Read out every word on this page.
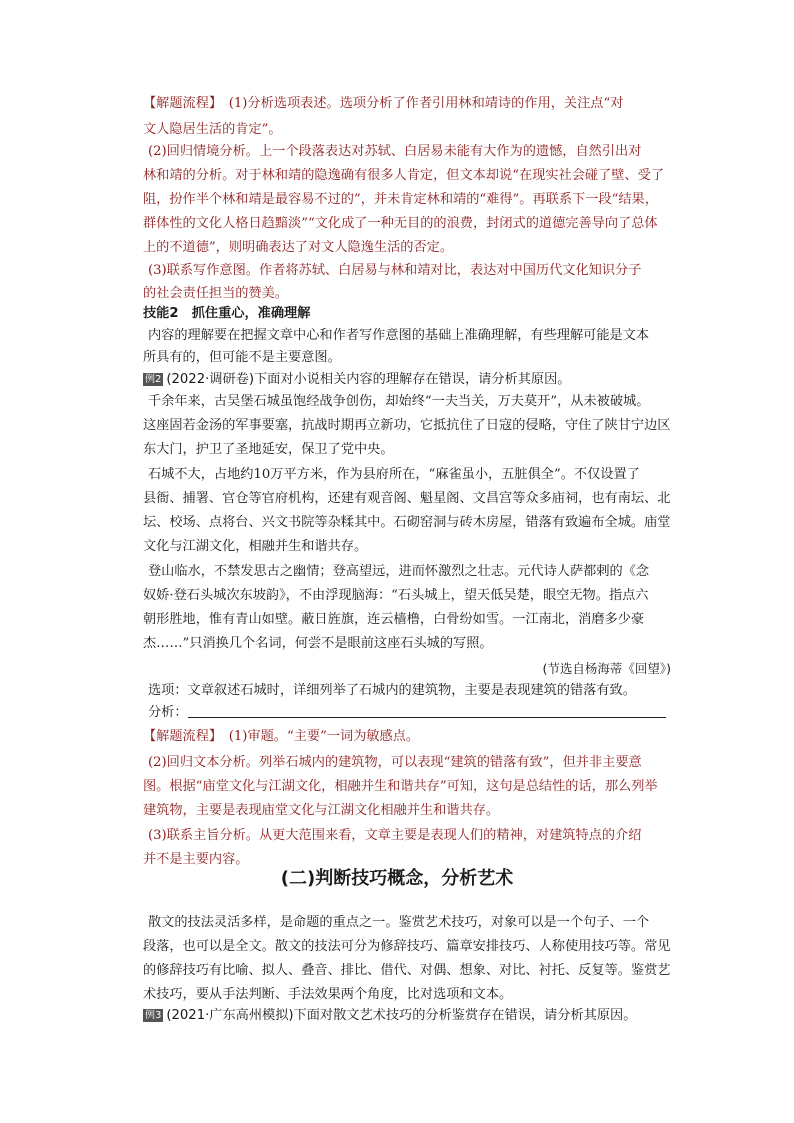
【解题流程】　(1)分析选项表述。选项分析了作者引用林和靖诗的作用，关注点“对
文人隐居生活的肯定”。
(2)回归情境分析。上一个段落表达对苏轼、白居易未能有大作为的遗憾，自然引出对
林和靖的分析。对于林和靖的隐逸确有很多人肯定，但文本却说“在现实社会碰了壁、受了
阻，扮作半个林和靖是最容易不过的”，并未肯定林和靖的“难得”。再联系下一段“结果，
群体性的文化人格日趋黯淡”“文化成了一种无目的的浪费，封闭式的道德完善导向了总体
上的不道德”，则明确表达了对文人隐逸生活的否定。
(3)联系写作意图。作者将苏轼、白居易与林和靖对比，表达对中国历代文化知识分子
的社会责任担当的赞美。
技能2　抓住重心，准确理解
内容的理解要在把握文章中心和作者写作意图的基础上准确理解，有些理解可能是文本
所具有的，但可能不是主要意图。
例2 (2022·调研卷)下面对小说相关内容的理解存在错误，请分析其原因。
千余年来，古吴堡石城虽饱经战争创伤，却始终“一夫当关，万夫莫开”，从未被破城。
这座固若金汤的军事要塞，抗战时期再立新功，它抵抗住了日寇的侵略，守住了陕甘宁边区
东大门，护卫了圣地延安，保卫了党中央。
石城不大，占地约10万平方米，作为县府所在，“麻雀虽小，五脏俱全”。不仅设置了
县衙、捕署、官仓等官府机构，还建有观音阁、魁星阁、文昌宫等众多庙祠，也有南坛、北
坛、校场、点将台、兴文书院等杂糅其中。石砌窑洞与砖木房屋，错落有致遍布全城。庙堂
文化与江湖文化，相融并生和谐共存。
登山临水，不禁发思古之幽情；登高望远，进而怀激烈之壮志。元代诗人萨都剌的《念
奴娇·登石头城次东坡韵》，不由浮现脑海：“石头城上，望天低吴楚，眼空无物。指点六
朝形胜地，惟有青山如壁。蔽日旌旗，连云樯橹，白骨纷如雪。一江南北，消磨多少豪
杰……”只消换几个名词，何尝不是眼前这座石头城的写照。
(节选自杨海蒂《回望》)
选项：文章叙述石城时，详细列举了石城内的建筑物，主要是表现建筑的错落有致。
分析：
【解题流程】　(1)审题。“主要”一词为敏感点。
(2)回归文本分析。列举石城内的建筑物，可以表现“建筑的错落有致”，但并非主要意
图。根据“庙堂文化与江湖文化，相融并生和谐共存”可知，这句是总结性的话，那么列举
建筑物，主要是表现庙堂文化与江湖文化相融并生和谐共存。
(3)联系主旨分析。从更大范围来看，文章主要是表现人们的精神，对建筑特点的介绍
并不是主要内容。
(二)判断技巧概念，分析艺术
散文的技法灵活多样，是命题的重点之一。鉴赏艺术技巧，对象可以是一个句子、一个
段落，也可以是全文。散文的技法可分为修辞技巧、篇章安排技巧、人称使用技巧等。常见
的修辞技巧有比喻、拟人、叠音、排比、借代、对偶、想象、对比、衬托、反复等。鉴赏艺
术技巧，要从手法判断、手法效果两个角度，比对选项和文本。
例3 (2021·广东高州模拟)下面对散文艺术技巧的分析鉴赏存在错误，请分析其原因。
